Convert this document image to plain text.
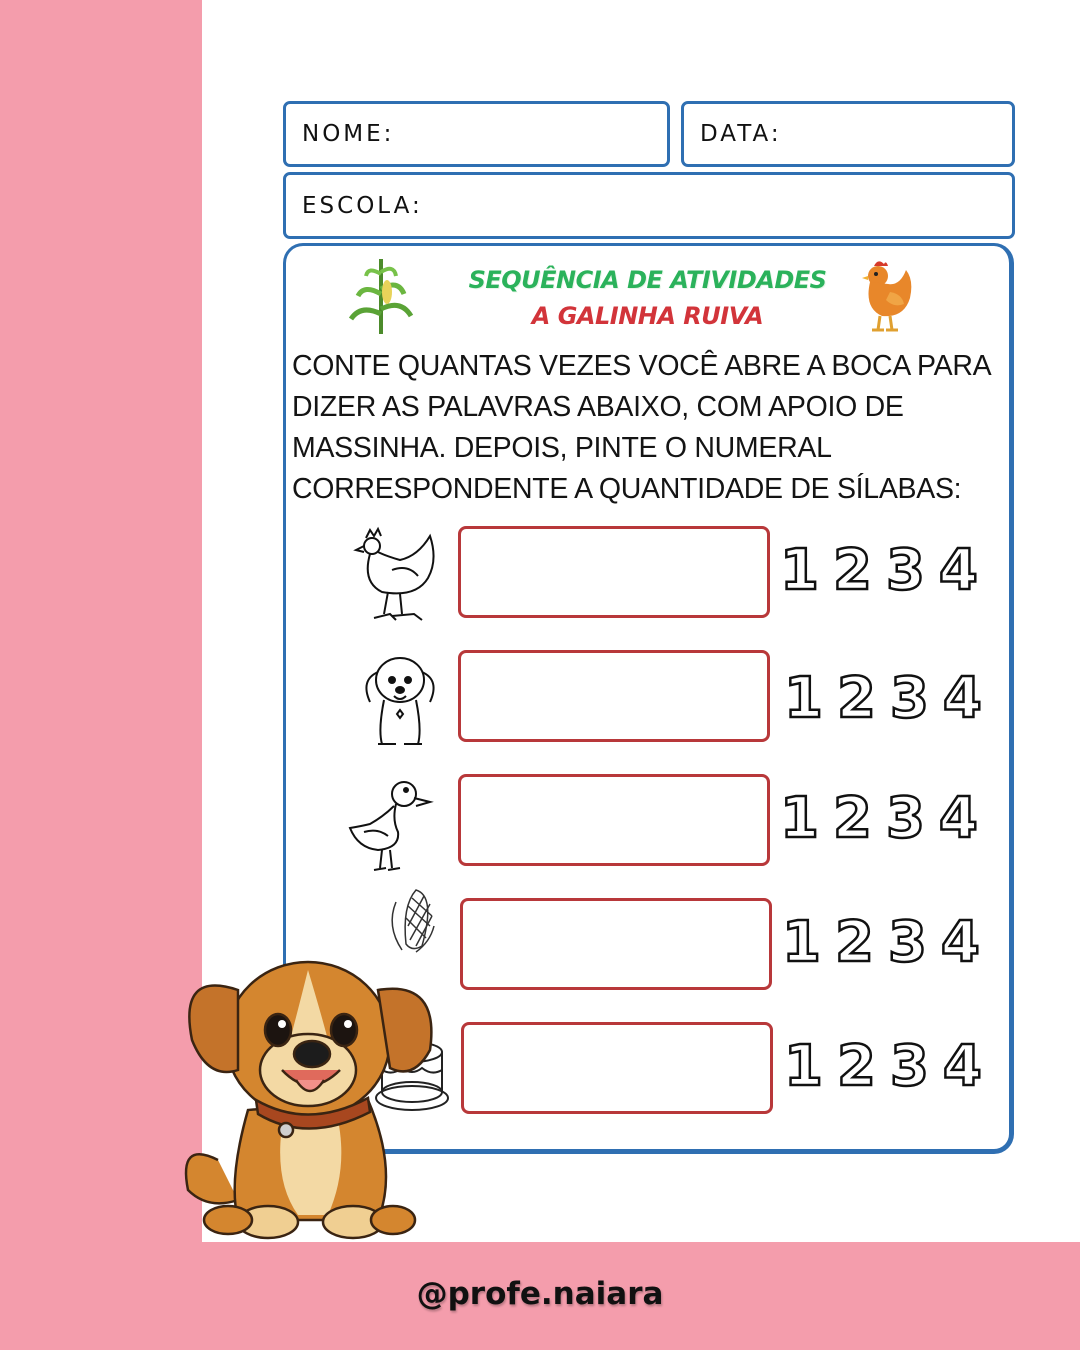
NOME:	DATA:
ESCOLA:
SEQUÊNCIA DE ATIVIDADES
A GALINHA RUIVA
CONTE QUANTAS VEZES VOCÊ ABRE A BOCA PARA DIZER AS PALAVRAS ABAIXO, COM APOIO DE MASSINHA. DEPOIS, PINTE O NUMERAL CORRESPONDENTE A QUANTIDADE DE SÍLABAS:
1 2 3 4
1 2 3 4
1 2 3 4
1 2 3 4
1 2 3 4
@profe.naiara
